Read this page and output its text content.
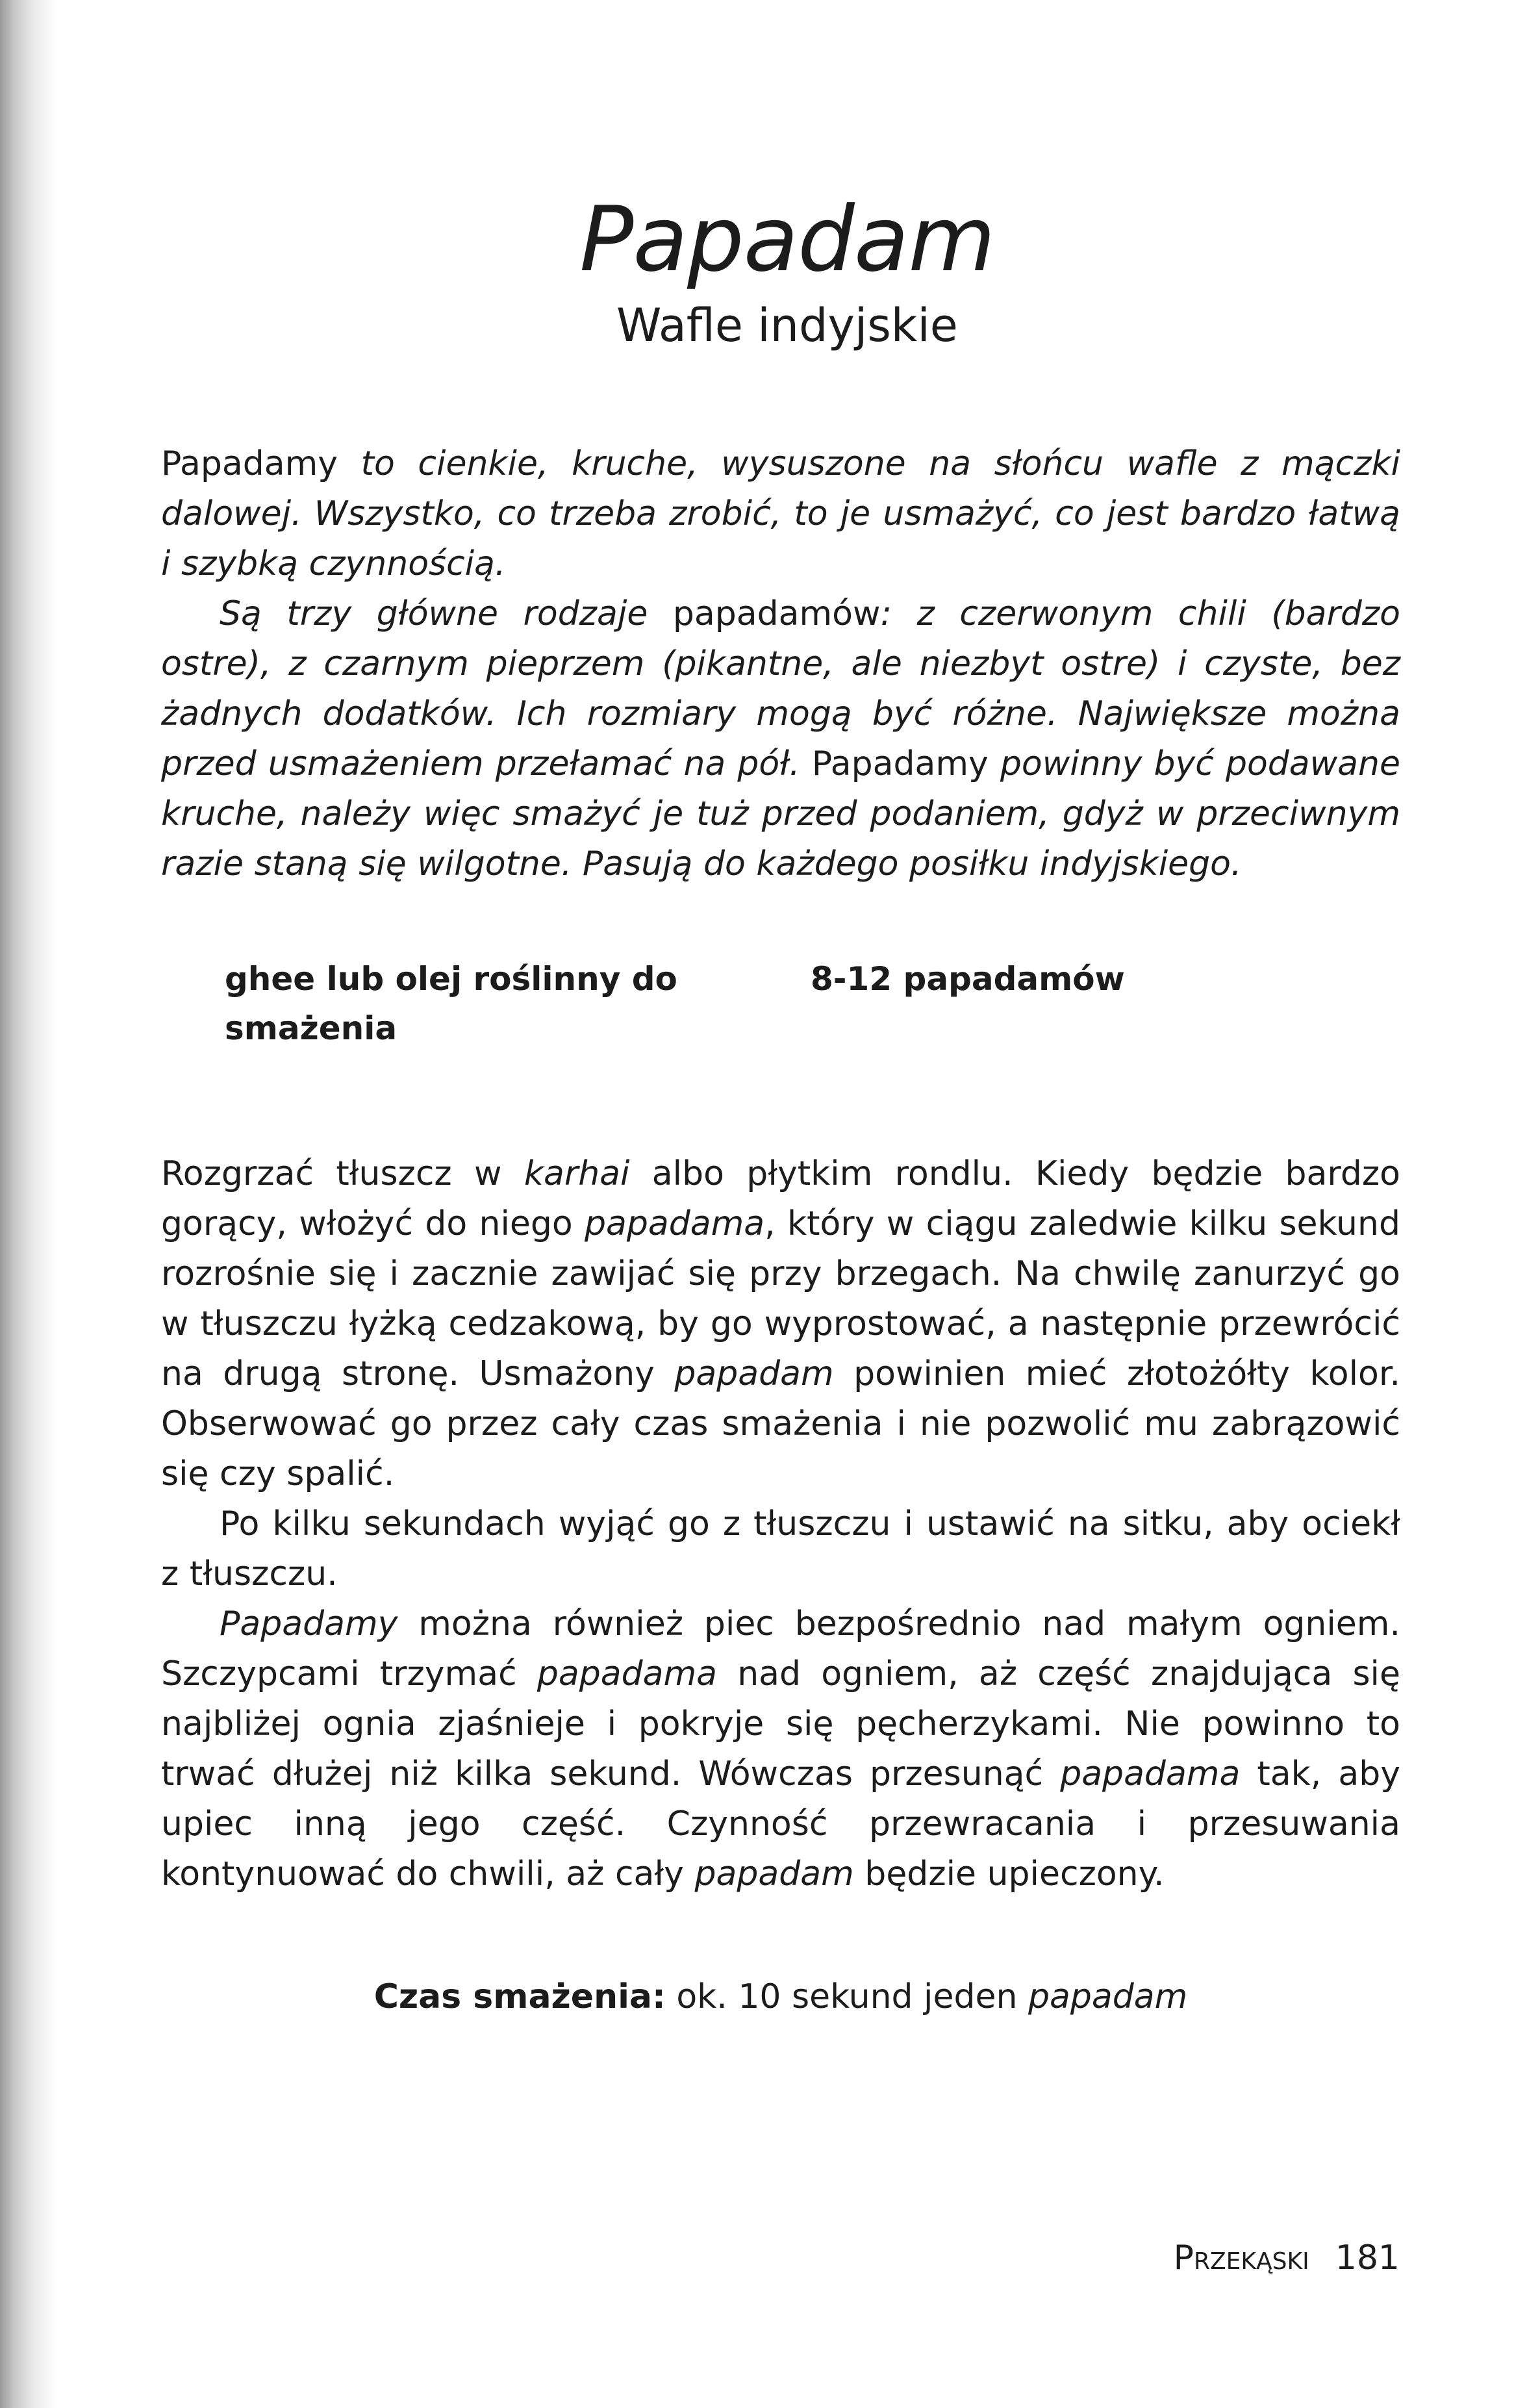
Papadam
Wafle indyjskie

Papadamy to cienkie, kruche, wysuszone na słońcu wafle z mączki dalowej. Wszystko, co trzeba zrobić, to je usmażyć, co jest bardzo łatwą i szybką czynnością.

Są trzy główne rodzaje papadamów: z czerwonym chili (bardzo ostre), z czarnym pieprzem (pikantne, ale niezbyt ostre) i czyste, bez żadnych dodatków. Ich rozmiary mogą być różne. Największe można przed usmażeniem przełamać na pół. Papadamy powinny być podawane kruche, należy więc smażyć je tuż przed podaniem, gdyż w przeciwnym razie staną się wilgotne. Pasują do każdego posiłku indyjskiego.

ghee lub olej roślinny do smażenia
8-12 papadamów

Rozgrzać tłuszcz w karhai albo płytkim rondlu. Kiedy będzie bardzo gorący, włożyć do niego papadama, który w ciągu zaledwie kilku sekund rozrośnie się i zacznie zawijać się przy brzegach. Na chwilę zanurzyć go w tłuszczu łyżką cedzakową, by go wyprostować, a następnie przewrócić na drugą stronę. Usmażony papadam powinien mieć złotożółty kolor. Obserwować go przez cały czas smażenia i nie pozwolić mu zabrązowić się czy spalić.

Po kilku sekundach wyjąć go z tłuszczu i ustawić na sitku, aby ociekł z tłuszczu.

Papadamy można również piec bezpośrednio nad małym ogniem. Szczypcami trzymać papadama nad ogniem, aż część znajdująca się najbliżej ognia zjaśnieje i pokryje się pęcherzykami. Nie powinno to trwać dłużej niż kilka sekund. Wówczas przesunąć papadama tak, aby upiec inną jego część. Czynność przewracania i przesuwania kontynuować do chwili, aż cały papadam będzie upieczony.

Czas smażenia: ok. 10 sekund jeden papadam
Przekąski 181
